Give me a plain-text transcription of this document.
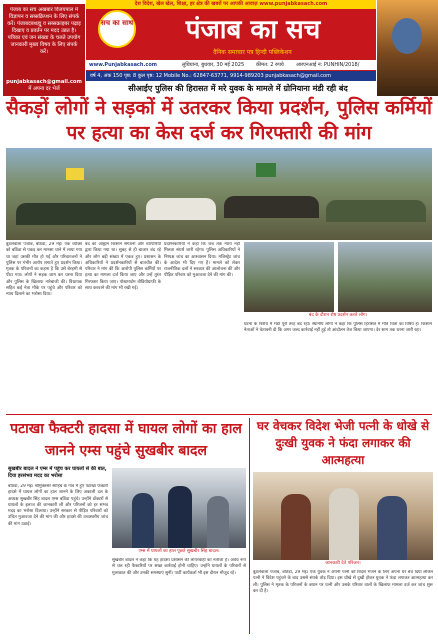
पंजाब का सच अखबार विजयपाल में विज्ञापन व सब्सक्रिप्शन के लिए संपर्क करें। पंजाबदबशह्यू व सब्सक्राइबर पढ़ाइ दिखाए व प्रवर्तन पर मदद उन्नत है। पत्रिका एवं जन संख्या के चलते उपयोग जानकारी मुख्य विषय के लिए संपर्क करें।
punjabkasach@gmail.com
में अपना दर भेजें
देश विदेश, खेल खेल, शिक्षा, हर क्षेत्र की खबरों पर आपकी आवाज़ www.punjabkasach.com
सच का साथ	पंजाब का सच
दैनिक समाचार पत्र हिन्दी पब्लिकेशन
www.Punjabkasach.com	लुधियाना, बुधवार, 30 मई 2025 कीमत: 2 रुपये आरएनआई नं: PUNHIN/2018/
वर्ष 4, अंक 150 पृष्ठ: 8 कुल पृष्ठ: 12 Mobile No.: 62847-63771, 9914-989203 punjabkasach@gmail.com
सीआईए पुलिस की हिरासत में मरे युवक के मामले में ग्रोनियाना मंडी रही बंद
सैकड़ों लोगों ने सड़कों में उतरकर किया प्रदर्शन, पुलिस कर्मियों पर हत्या का केस दर्ज कर गिरफ्तारी की मांग
बुठलेवाला पंजाब, बठिंडा, 29 मई। एक व्यक्ति को बठिंडा से पकड़ कर मानसा थाने में लाया गया था जहां उसकी मौत हो गई और परिवारजनों ने पुलिस पर गंभीर आरोप लगाते हुए प्रदर्शन किया। मृतक के परिजनों का कहना है कि उसे बेरहमी से पीटा गया। लोगों ने सड़क जाम कर धरना दिया और पुलिस के खिलाफ नारेबाजी की। विधायक सहित कई नेता मौके पर पहुंचे और परिवार को न्याय दिलाने का भरोसा दिया।
बंद का आह्वान किसान संगठनों और व्यापारियों द्वारा किया गया था। सुबह से ही बाजार बंद रहे और लोग बड़ी संख्या में एकत्र हुए। प्रशासन के अधिकारियों ने प्रदर्शनकारियों से बातचीत की। परिवार ने मांग की कि आरोपी पुलिस कर्मियों पर हत्या का मामला दर्ज किया जाए और उन्हें तुरंत गिरफ्तार किया जाए। पोस्टमार्टम वीडियोग्राफी के साथ करवाने की मांग भी रखी गई।
प्रदर्शनकारियों ने कहा कि जब तक न्याय नहीं मिलता संघर्ष जारी रहेगा। पुलिस अधिकारियों ने निष्पक्ष जांच का आश्वासन दिया। मजिस्ट्रेट जांच के आदेश भी दिए गए हैं। मामले को लेकर राजनीतिक दलों ने सरकार की आलोचना की और पीड़ित परिवार को मुआवजा देने की मांग की।
बंद के दौरान रोष प्रदर्शन करते लोग।
घटना के विरोध में मंडी पूरी तरह बंद रही। स्थानीय लोगों ने कहा कि पुलिस हिरासत में मौतें चिंता का विषय हैं। किसान नेताओं ने चेतावनी दी कि अगर जल्द कार्रवाई नहीं हुई तो आंदोलन तेज किया जाएगा। देर शाम तक धरना जारी रहा।
पटाखा फैक्टरी हादसा में घायल लोगों का हाल जानने एम्स पहुंचे सुखबीर बादल
सुखबीर बादल ने एम्स में पहुंच कर घायलों से की बात, दिया हरसंभव मदद का भरोसा
बठिंडा, 29 मई। श्रीमुक्तसर साहिब के गांव में हुए पटाखा फैक्टरी हादसे में घायल लोगों का हाल जानने के लिए अकाली दल के अध्यक्ष सुखबीर सिंह बादल एम्स बठिंडा पहुंचे। उन्होंने डॉक्टरों से घायलों के इलाज की जानकारी ली और परिजनों को हर संभव मदद का भरोसा दिलाया। उन्होंने सरकार से पीड़ित परिवारों को उचित मुआवजा देने की मांग की और हादसे की उच्चस्तरीय जांच की मांग उठाई।
एम्स में घायलों का हाल पूछते सुखबीर सिंह बादल।
सुखबीर बादल ने कहा कि यह हादसा प्रशासन की लापरवाही का नतीजा है। अवैध रूप से चल रही फैक्टरियों पर सख्त कार्रवाई होनी चाहिए। उन्होंने घायलों के परिवारों से मुलाकात की और उनकी समस्याएं सुनीं। पार्टी कार्यकर्ता भी इस दौरान मौजूद रहे।
घर वेचकर विदेश भेजी पत्नी के धोखे से दुःखी युवक ने फंदा लगाकर की आत्महत्या
जानकारी देते परिजन।
बुठलेवाला पंजाब, बठिंडा, 29 मई। एक युवक ने अपनी पत्नी को विदेश भेजने के लिए अपना घर बेच दिया लेकिन पत्नी ने विदेश पहुंचने के बाद उससे संपर्क तोड़ दिया। इस धोखे से दुखी होकर युवक ने फंदा लगाकर आत्महत्या कर ली। पुलिस ने मृतक के परिजनों के बयान पर पत्नी और उसके परिवार वालों के खिलाफ मामला दर्ज कर जांच शुरू कर दी है।
